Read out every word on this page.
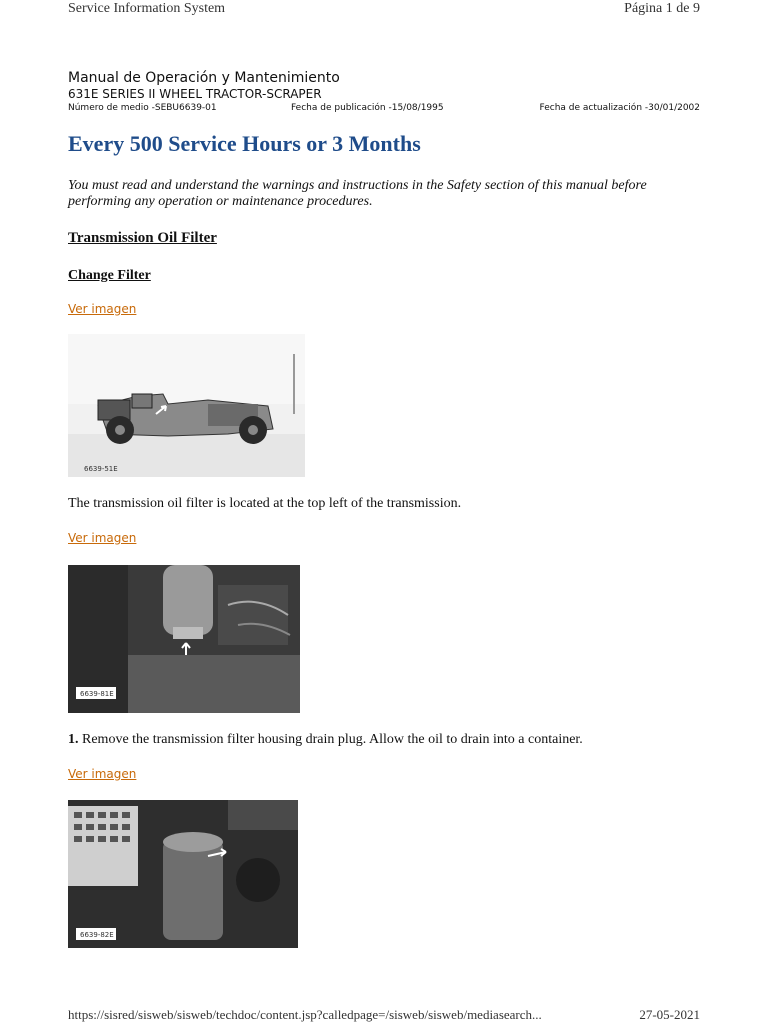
Service Information System	Página 1 de 9
Manual de Operación y Mantenimiento
631E SERIES II WHEEL TRACTOR-SCRAPER
Número de medio -SEBU6639-01	Fecha de publicación -15/08/1995	Fecha de actualización -30/01/2002
Every 500 Service Hours or 3 Months
You must read and understand the warnings and instructions in the Safety section of this manual before performing any operation or maintenance procedures.
Transmission Oil Filter
Change Filter
Ver imagen
6639-51E
The transmission oil filter is located at the top left of the transmission.
Ver imagen
6639-81E
1. Remove the transmission filter housing drain plug. Allow the oil to drain into a container.
Ver imagen
6639-82E
https://sisred/sisweb/sisweb/techdoc/content.jsp?calledpage=/sisweb/sisweb/mediasearch...	27-05-2021
